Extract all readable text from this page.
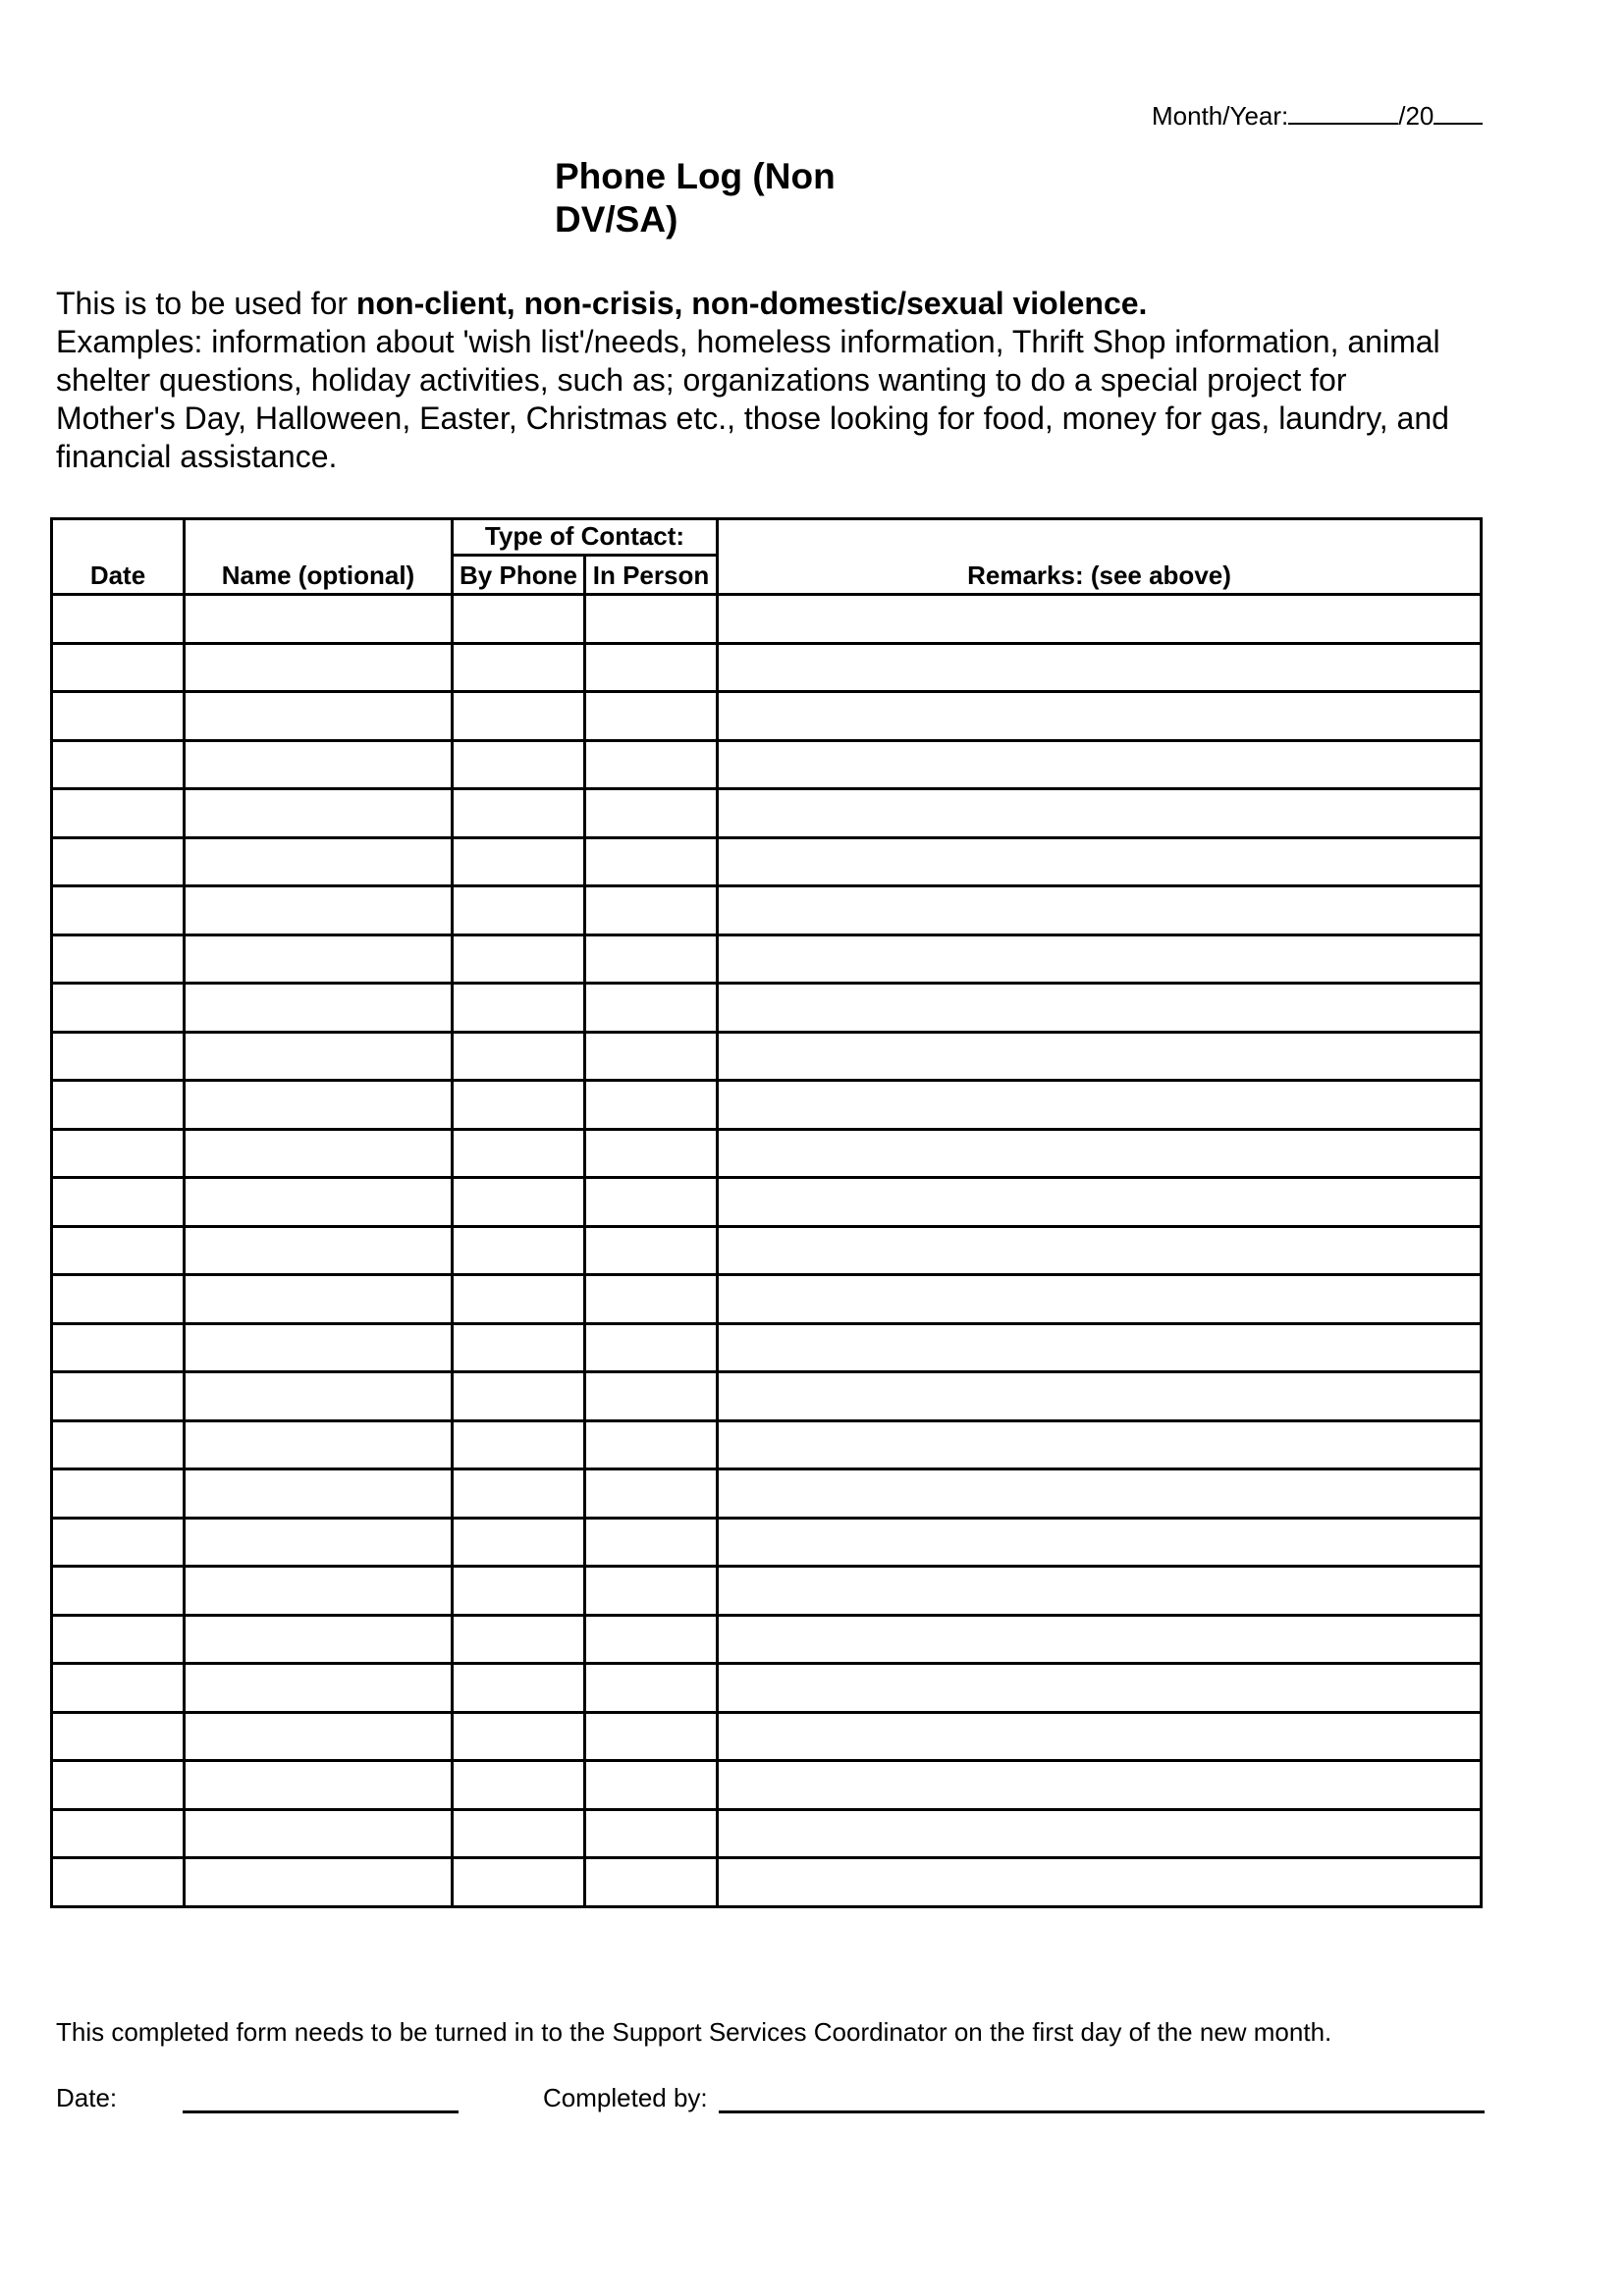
Month/Year:	/20
Phone Log (Non
DV/SA)
This is to be used for non-client, non-crisis, non-domestic/sexual violence.
Examples: information about 'wish list'/needs, homeless information, Thrift Shop information, animal shelter questions, holiday activities, such as; organizations wanting to do a special project for Mother's Day, Halloween, Easter, Christmas etc., those looking for food, money for gas, laundry, and financial assistance.
Date	Name (optional)	Type of Contact:		Remarks: (see above)
		By Phone	In Person	

This completed form needs to be turned in to the Support Services Coordinator on the first day of the new month.
Date:	Completed by:
